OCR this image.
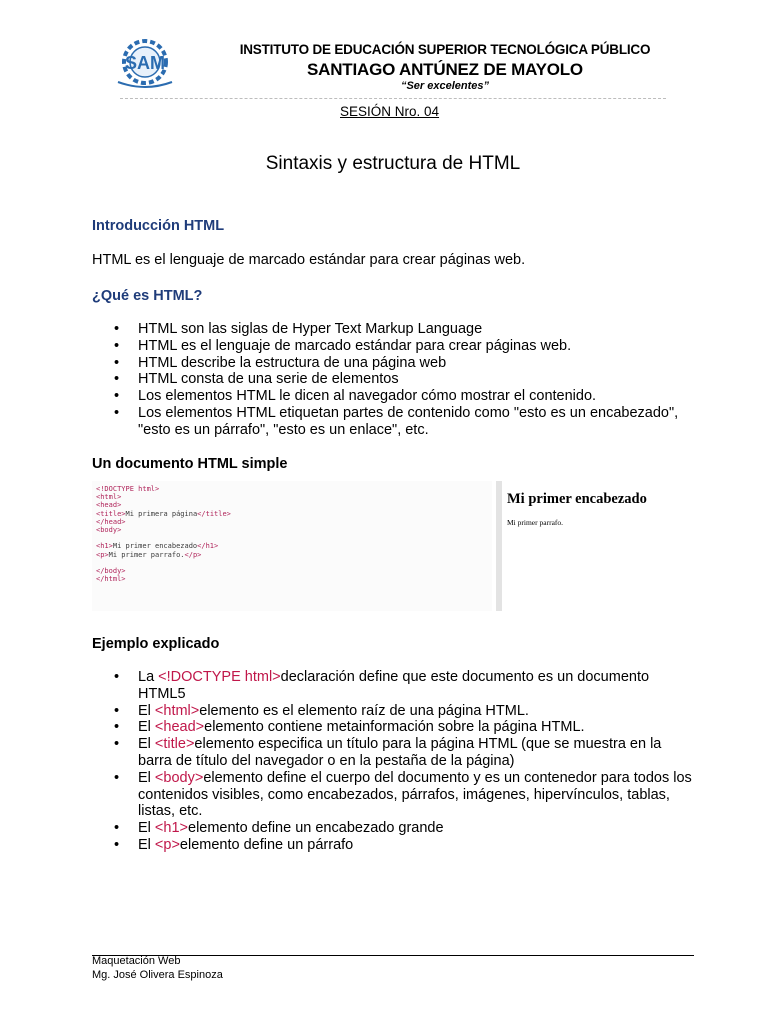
SAM
INSTITUTO DE EDUCACIÓN SUPERIOR TECNOLÓGICA PÚBLICO
SANTIAGO ANTÚNEZ DE MAYOLO
“Ser excelentes”
SESIÓN Nro. 04
Sintaxis y estructura de HTML
Introducción HTML
HTML es el lenguaje de marcado estándar para crear páginas web.
¿Qué es HTML?
• HTML son las siglas de Hyper Text Markup Language
• HTML es el lenguaje de marcado estándar para crear páginas web.
• HTML describe la estructura de una página web
• HTML consta de una serie de elementos
• Los elementos HTML le dicen al navegador cómo mostrar el contenido.
• Los elementos HTML etiquetan partes de contenido como "esto es un encabezado", "esto es un párrafo", "esto es un enlace", etc.
Un documento HTML simple
<!DOCTYPE html>
<html>
<head>
<title>Mi primera página</title>
</head>
<body>
<h1>Mi primer encabezado</h1>
<p>Mi primer parrafo.</p>
</body>
</html>
Mi primer encabezado
Mi primer parrafo.
Ejemplo explicado
• La <!DOCTYPE html>declaración define que este documento es un documento HTML5
• El <html>elemento es el elemento raíz de una página HTML.
• El <head>elemento contiene metainformación sobre la página HTML.
• El <title>elemento especifica un título para la página HTML (que se muestra en la barra de título del navegador o en la pestaña de la página)
• El <body>elemento define el cuerpo del documento y es un contenedor para todos los contenidos visibles, como encabezados, párrafos, imágenes, hipervínculos, tablas, listas, etc.
• El <h1>elemento define un encabezado grande
• El <p>elemento define un párrafo
Maquetación Web
Mg. José Olivera Espinoza
